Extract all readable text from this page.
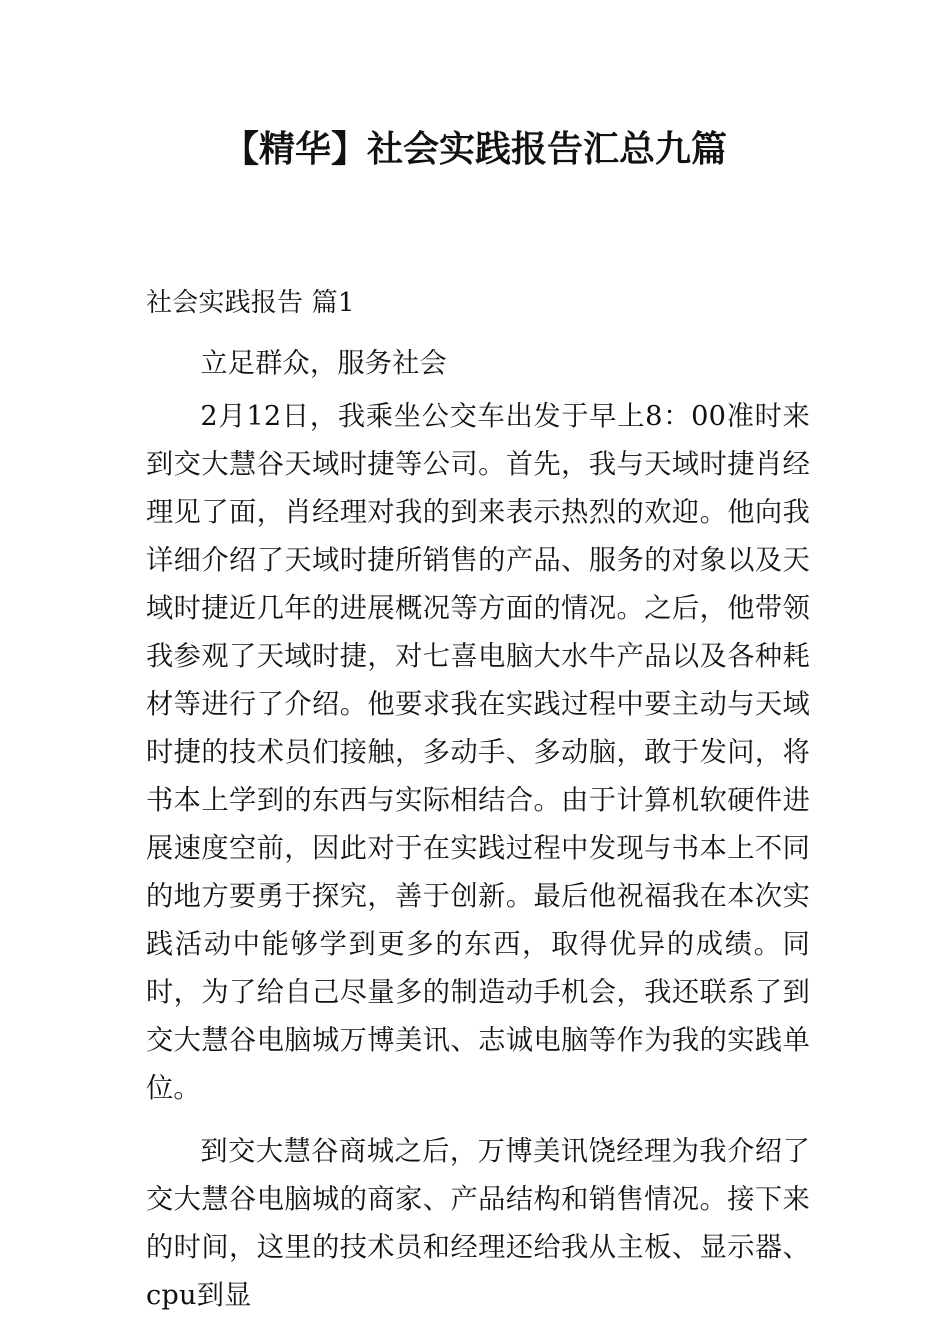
【精华】社会实践报告汇总九篇

社会实践报告 篇1

立足群众，服务社会

2月12日，我乘坐公交车出发于早上8：00准时来到交大慧谷天域时捷等公司。首先，我与天域时捷肖经理见了面，肖经理对我的到来表示热烈的欢迎。他向我详细介绍了天域时捷所销售的产品、服务的对象以及天域时捷近几年的进展概况等方面的情况。之后，他带领我参观了天域时捷，对七喜电脑大水牛产品以及各种耗材等进行了介绍。他要求我在实践过程中要主动与天域时捷的技术员们接触，多动手、多动脑，敢于发问，将书本上学到的东西与实际相结合。由于计算机软硬件进展速度空前，因此对于在实践过程中发现与书本上不同的地方要勇于探究，善于创新。最后他祝福我在本次实践活动中能够学到更多的东西，取得优异的成绩。同时，为了给自己尽量多的制造动手机会，我还联系了到交大慧谷电脑城万博美讯、志诚电脑等作为我的实践单位。

到交大慧谷商城之后，万博美讯饶经理为我介绍了交大慧谷电脑城的商家、产品结构和销售情况。接下来的时间，这里的技术员和经理还给我从主板、显示器、cpu到显
